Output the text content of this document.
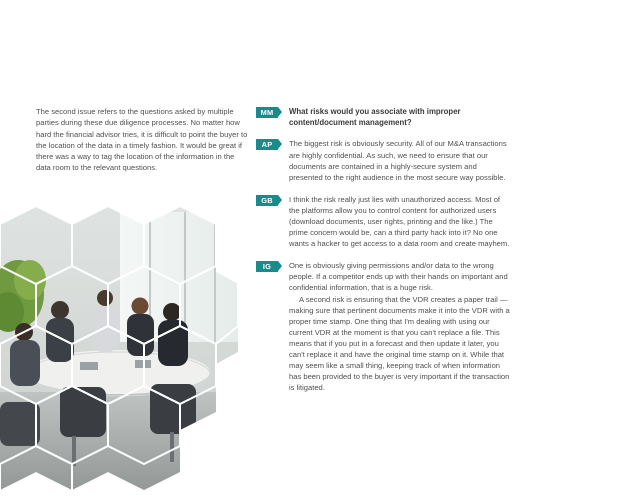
The second issue refers to the questions asked by multiple parties during these due diligence processes. No matter how hard the financial advisor tries, it is difficult to point the buyer to the location of the data in a timely fashion. It would be great if there was a way to tag the location of the information in the data room to the relevant questions.

MM	What risks would you associate with improper content/document management?

AP	The biggest risk is obviously security. All of our M&A transactions are highly confidential. As such, we need to ensure that our documents are contained in a highly-secure system and presented to the right audience in the most secure way possible.

GB	I think the risk really just lies with unauthorized access. Most of the platforms allow you to control content for authorized users (download documents, user rights, printing and the like.) The prime concern would be, can a third party hack into it? No one wants a hacker to get access to a data room and create mayhem.

IG	One is obviously giving permissions and/or data to the wrong people. If a competitor ends up with their hands on important and confidential information, that is a huge risk.

A second risk is ensuring that the VDR creates a paper trail — making sure that pertinent documents make it into the VDR with a proper time stamp. One thing that I'm dealing with using our current VDR at the moment is that you can't replace a file. This means that if you put in a forecast and then update it later, you can't replace it and have the original time stamp on it. While that may seem like a small thing, keeping track of when information has been provided to the buyer is very important if the transaction is litigated.
